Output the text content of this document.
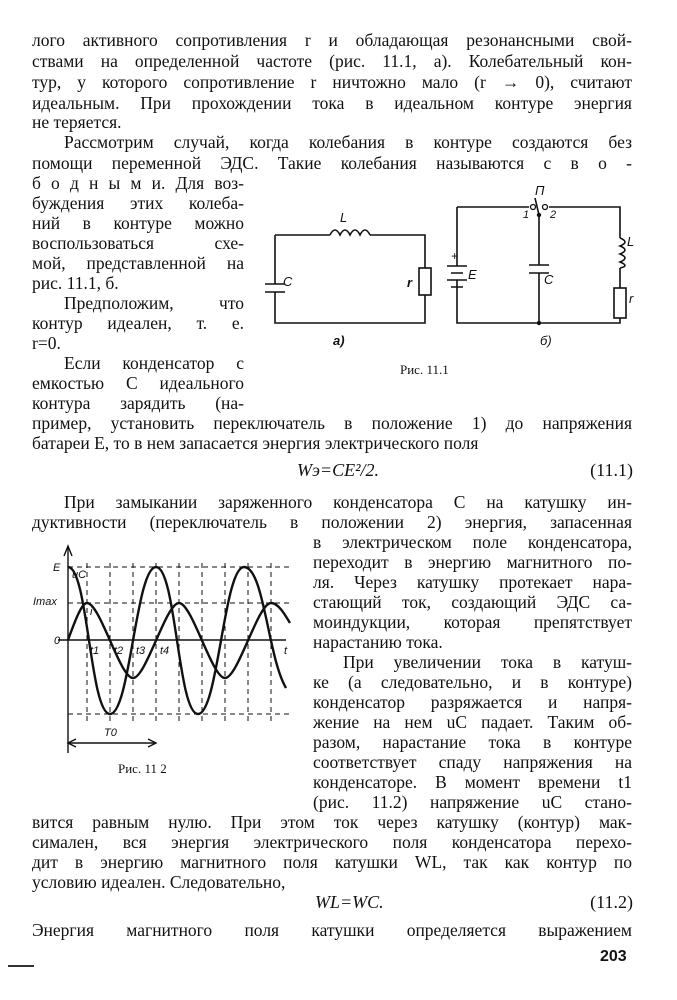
лого активного сопротивления r и обладающая резонансными свой-
ствами на определенной частоте (рис. 11.1, а). Колебательный кон-
тур, у которого сопротивление r ничтожно мало (r → 0), считают
идеальным. При прохождении тока в идеальном контуре энергия
не теряется.
Рассмотрим случай, когда колебания в контуре создаются без
помощи переменной ЭДС. Такие колебания называются с в о -
б о д н ы м и. Для воз-
буждения этих колеба-
ний в контуре можно
воспользоваться схе-
мой, представленной на
рис. 11.1, б.
Предположим, что
контур идеален, т. е.
r=0.
Если конденсатор с
емкостью C идеального
контура зарядить (на-
пример, установить переключатель в положение 1) до напряжения
батареи E, то в нем запасается энергия электрического поля
L
C	r
а)
П
1 2
+
E	C
L
r
б)
Рис. 11.1
Wэ=CE²/2.	(11.1)
При замыкании заряженного конденсатора C на катушку ин-
дуктивности (переключатель в положении 2) энергия, запасенная
в электрическом поле конденсатора,
переходит в энергию магнитного по-
ля. Через катушку протекает нара-
стающий ток, создающий ЭДС са-
моиндукции, которая препятствует
нарастанию тока.
При увеличении тока в катуш-
ке (а следовательно, и в контуре)
конденсатор разряжается и напря-
жение на нем uC падает. Таким об-
разом, нарастание тока в контуре
соответствует спаду напряжения на
конденсаторе. В момент времени t1
(рис. 11.2) напряжение uC стано-
вится равным нулю. При этом ток через катушку (контур) мак-
симален, вся энергия электрического поля конденсатора перехо-
дит в энергию магнитного поля катушки WL, так как контур по
условию идеален. Следовательно,
E
Imax
0
uC
i
t1 t2 t3 t4	t
T0
Рис. 11 2
WL=WC.	(11.2)
Энергия магнитного поля катушки определяется выражением
203
